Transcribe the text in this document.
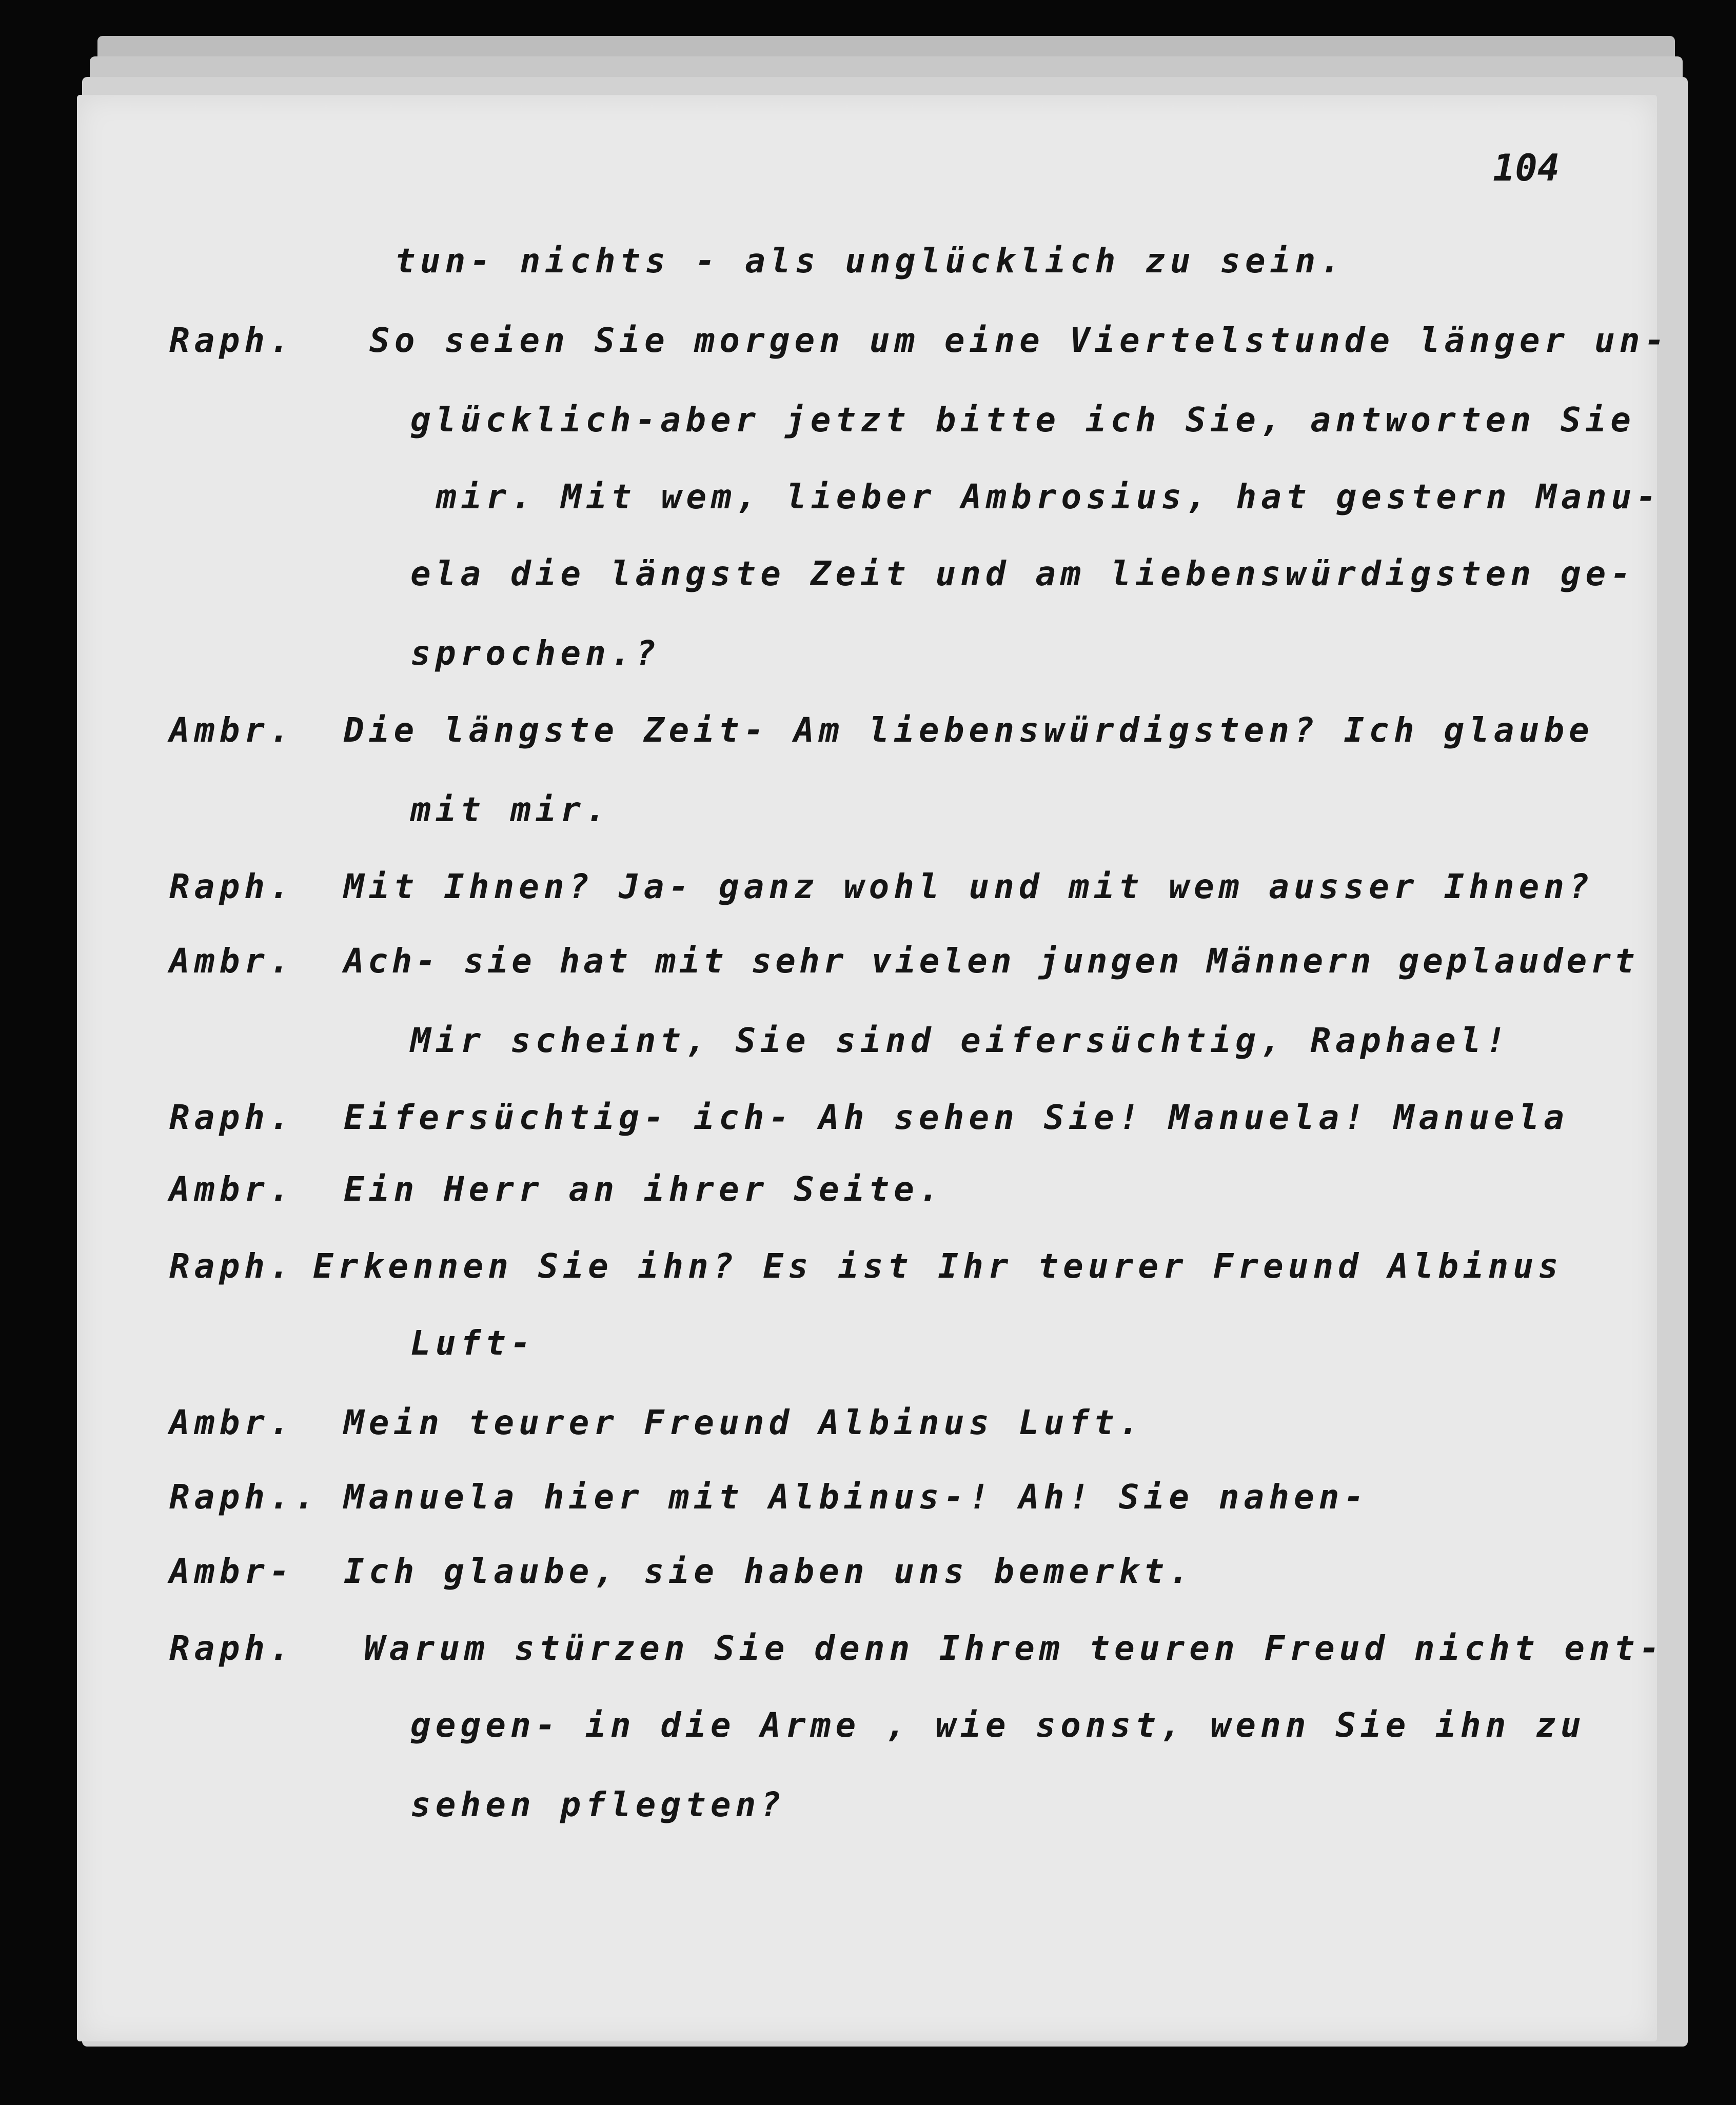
104
tun- nichts - als unglücklich zu sein.
Raph. So seien Sie morgen um eine Viertelstunde länger un-
glücklich-aber jetzt bitte ich Sie, antworten Sie
mir. Mit wem, lieber Ambrosius, hat gestern Manu-
ela die längste Zeit und am liebenswürdigsten ge-
sprochen.?
Ambr. Die längste Zeit- Am liebenswürdigsten? Ich glaube
mit mir.
Raph. Mit Ihnen? Ja- ganz wohl und mit wem ausser Ihnen?
Ambr. Ach- sie hat mit sehr vielen jungen Männern geplaudert
Mir scheint, Sie sind eifersüchtig, Raphael!
Raph. Eifersüchtig- ich- Ah sehen Sie! Manuela! Manuela
Ambr. Ein Herr an ihrer Seite.
Raph. Erkennen Sie ihn? Es ist Ihr teurer Freund Albinus
Luft-
Ambr. Mein teurer Freund Albinus Luft.
Raph.. Manuela hier mit Albinus-! Ah! Sie nahen-
Ambr- Ich glaube, sie haben uns bemerkt.
Raph. Warum stürzen Sie denn Ihrem teuren Freud nicht ent-
gegen- in die Arme , wie sonst, wenn Sie ihn zu
sehen pflegten?
